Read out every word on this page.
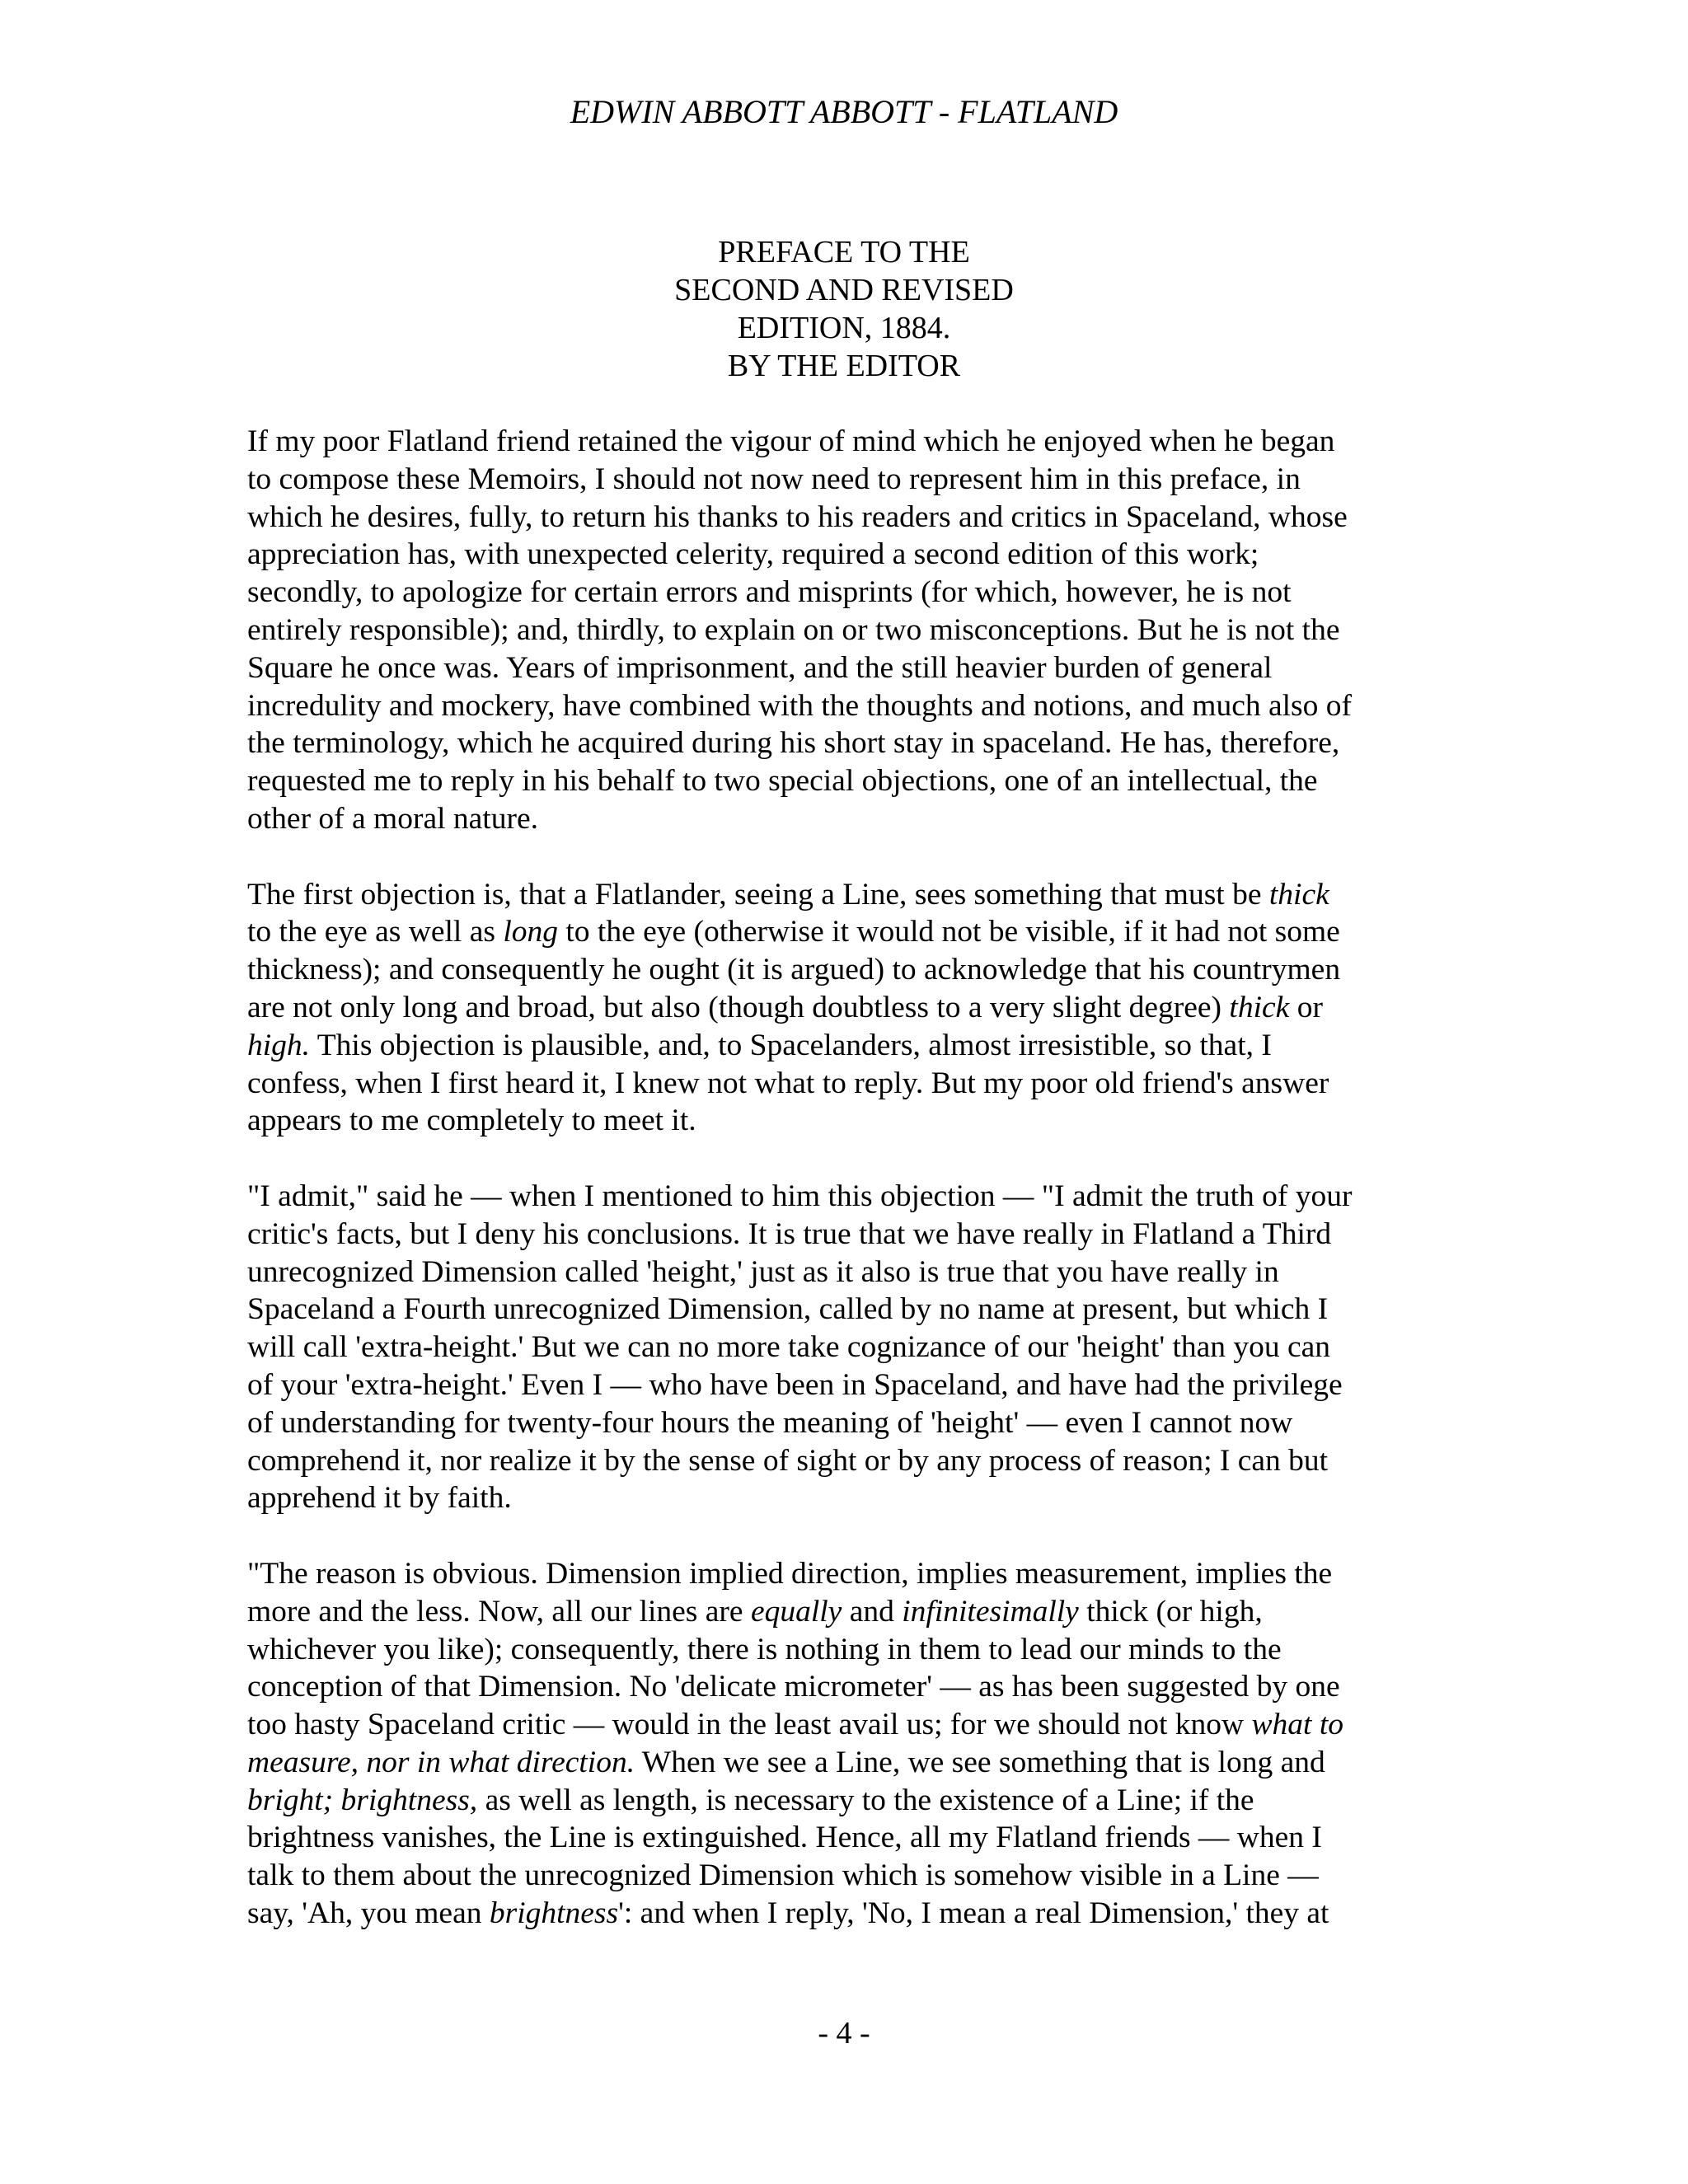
EDWIN ABBOTT ABBOTT - FLATLAND
PREFACE TO THE
SECOND AND REVISED
EDITION, 1884.
BY THE EDITOR

If my poor Flatland friend retained the vigour of mind which he enjoyed when he began
to compose these Memoirs, I should not now need to represent him in this preface, in
which he desires, fully, to return his thanks to his readers and critics in Spaceland, whose
appreciation has, with unexpected celerity, required a second edition of this work;
secondly, to apologize for certain errors and misprints (for which, however, he is not
entirely responsible); and, thirdly, to explain on or two misconceptions. But he is not the
Square he once was. Years of imprisonment, and the still heavier burden of general
incredulity and mockery, have combined with the thoughts and notions, and much also of
the terminology, which he acquired during his short stay in spaceland. He has, therefore,
requested me to reply in his behalf to two special objections, one of an intellectual, the
other of a moral nature.

The first objection is, that a Flatlander, seeing a Line, sees something that must be thick
to the eye as well as long to the eye (otherwise it would not be visible, if it had not some
thickness); and consequently he ought (it is argued) to acknowledge that his countrymen
are not only long and broad, but also (though doubtless to a very slight degree) thick or
high. This objection is plausible, and, to Spacelanders, almost irresistible, so that, I
confess, when I first heard it, I knew not what to reply. But my poor old friend's answer
appears to me completely to meet it.

"I admit," said he — when I mentioned to him this objection — "I admit the truth of your
critic's facts, but I deny his conclusions. It is true that we have really in Flatland a Third
unrecognized Dimension called 'height,' just as it also is true that you have really in
Spaceland a Fourth unrecognized Dimension, called by no name at present, but which I
will call 'extra-height.' But we can no more take cognizance of our 'height' than you can
of your 'extra-height.' Even I — who have been in Spaceland, and have had the privilege
of understanding for twenty-four hours the meaning of 'height' — even I cannot now
comprehend it, nor realize it by the sense of sight or by any process of reason; I can but
apprehend it by faith.

"The reason is obvious. Dimension implied direction, implies measurement, implies the
more and the less. Now, all our lines are equally and infinitesimally thick (or high,
whichever you like); consequently, there is nothing in them to lead our minds to the
conception of that Dimension. No 'delicate micrometer' — as has been suggested by one
too hasty Spaceland critic — would in the least avail us; for we should not know what to
measure, nor in what direction. When we see a Line, we see something that is long and
bright; brightness, as well as length, is necessary to the existence of a Line; if the
brightness vanishes, the Line is extinguished. Hence, all my Flatland friends — when I
talk to them about the unrecognized Dimension which is somehow visible in a Line —
say, 'Ah, you mean brightness': and when I reply, 'No, I mean a real Dimension,' they at

- 4 -
